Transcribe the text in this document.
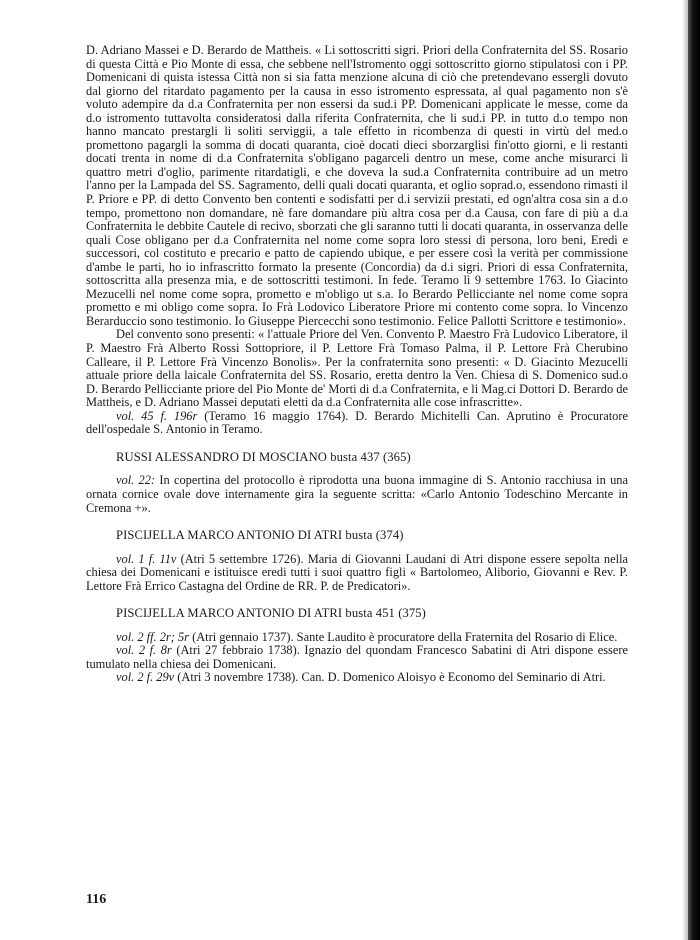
D. Adriano Massei e D. Berardo de Mattheis. « Li sottoscritti sigri. Priori della Confraternita del SS. Rosario di questa Città e Pio Monte di essa, che sebbene nell'Istromento oggi sottoscritto giorno stipulatosi con i PP. Domenicani di quista istessa Città non si sia fatta menzione alcuna di ciò che pretendevano essergli dovuto dal giorno del ritardato pagamento per la causa in esso istromento espressata, al qual pagamento non s'è voluto adempire da d.a Confraternita per non essersi da sud.i PP. Domenicani applicate le messe, come da d.o istromento tuttavolta consideratosi dalla riferita Confraternita, che li sud.i PP. in tutto d.o tempo non hanno mancato prestargli li soliti serviggii, a tale effetto in ricombenza di questi in virtù del med.o promettono pagargli la somma di docati quaranta, cioè docati dieci sborzarglisi fin'otto giorni, e li restanti docati trenta in nome di d.a Confraternita s'obligano pagarceli dentro un mese, come anche misurarci li quattro metri d'oglio, parimente ritardatigli, e che doveva la sud.a Confraternita contribuire ad un metro l'anno per la Lampada del SS. Sagramento, delli quali docati quaranta, et oglio soprad.o, essendono rimasti il P. Priore e PP. di detto Convento ben contenti e sodisfatti per d.i servizii prestati, ed ogn'altra cosa sin a d.o tempo, promettono non domandare, nè fare domandare più altra cosa per d.a Causa, con fare di più a d.a Confraternita le debbite Cautele di recivo, sborzati che gli saranno tutti li docati quaranta, in osservanza delle quali Cose obligano per d.a Confraternita nel nome come sopra loro stessi di persona, loro beni, Eredi e successori, col costituto e precario e patto de capiendo ubique, e per essere così la verità per commissione d'ambe le parti, ho io infrascritto formato la presente (Concordia) da d.i sigri. Priori di essa Confraternita, sottoscritta alla presenza mia, e de sottoscritti testimoni. In fede. Teramo lì 9 settembre 1763. Io Giacinto Mezucelli nel nome come sopra, prometto e m'obligo ut s.a. Io Berardo Pellicciante nel nome come sopra prometto e mi obligo come sopra. Io Frà Lodovico Liberatore Priore mi contento come sopra. Io Vincenzo Berarduccio sono testimonio. Io Giuseppe Piercecchi sono testimonio. Felice Pallotti Scrittore e testimonio».

Del convento sono presenti: « l'attuale Priore del Ven. Convento P. Maestro Frà Ludovico Liberatore, il P. Maestro Frà Alberto Rossi Sottopriore, il P. Lettore Frà Tomaso Palma, il P. Lettore Frà Cherubino Calleare, il P. Lettore Frà Vincenzo Bonolis». Per la confraternita sono presenti: « D. Giacinto Mezucelli attuale priore della laicale Confraternita del SS. Rosario, eretta dentro la Ven. Chiesa di S. Domenico sud.o D. Berardo Pellicciante priore del Pio Monte de' Morti di d.a Confraternita, e li Mag.ci Dottori D. Berardo de Mattheis, e D. Adriano Massei deputati eletti da d.a Confraternita alle cose infrascritte».

vol. 45 f. 196r (Teramo 16 maggio 1764). D. Berardo Michitelli Can. Aprutino è Procuratore dell'ospedale S. Antonio in Teramo.

RUSSI ALESSANDRO DI MOSCIANO busta 437 (365)

vol. 22: In copertina del protocollo è riprodotta una buona immagine di S. Antonio racchiusa in una ornata cornice ovale dove internamente gira la seguente scritta: «Carlo Antonio Todeschino Mercante in Cremona +».

PISCIJELLA MARCO ANTONIO DI ATRI busta (374)

vol. 1 f. 11v (Atri 5 settembre 1726). Maria di Giovanni Laudani di Atri dispone essere sepolta nella chiesa dei Domenicani e istituisce eredi tutti i suoi quattro figli « Bartolomeo, Aliborio, Giovanni e Rev. P. Lettore Frà Errico Castagna del Ordine de RR. P. de Predicatori».

PISCIJELLA MARCO ANTONIO DI ATRI busta 451 (375)

vol. 2 ff. 2r; 5r (Atri gennaio 1737). Sante Laudito è procuratore della Fraternita del Rosario di Elice.

vol. 2 f. 8r (Atri 27 febbraio 1738). Ignazio del quondam Francesco Sabatini di Atri dispone essere tumulato nella chiesa dei Domenicani.

vol. 2 f. 29v (Atri 3 novembre 1738). Can. D. Domenico Aloisyo è Economo del Seminario di Atri.

116
